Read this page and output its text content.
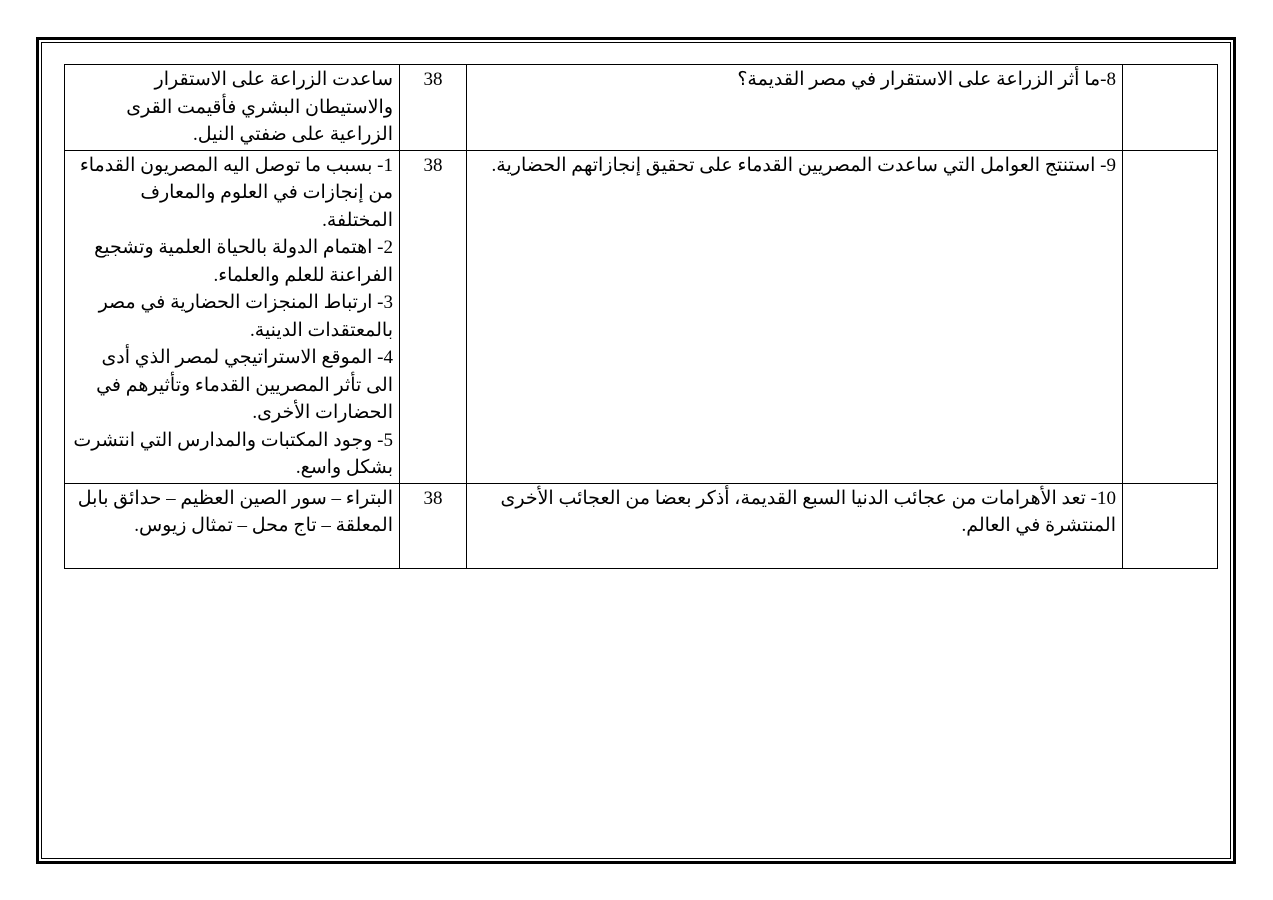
	8-ما أثر الزراعة على الاستقرار في مصر القديمة؟	38	ساعدت الزراعة على الاستقرار والاستيطان البشري فأقيمت القرى الزراعية على ضفتي النيل.

	9- استنتج العوامل التي ساعدت المصريين القدماء على تحقيق إنجازاتهم الحضارية.	38	1- بسبب ما توصل اليه المصريون القدماء من إنجازات في العلوم والمعارف المختلفة.
2- اهتمام الدولة بالحياة العلمية وتشجيع الفراعنة للعلم والعلماء.
3- ارتباط المنجزات الحضارية في مصر بالمعتقدات الدينية.
4- الموقع الاستراتيجي لمصر الذي أدى الى تأثر المصريين القدماء وتأثيرهم في الحضارات الأخرى.
5- وجود المكتبات والمدارس التي انتشرت بشكل واسع.

	10- تعد الأهرامات من عجائب الدنيا السبع القديمة، أذكر بعضا من العجائب الأخرى المنتشرة في العالم.	38	البتراء – سور الصين العظيم – حدائق بابل المعلقة – تاج محل – تمثال زيوس.
